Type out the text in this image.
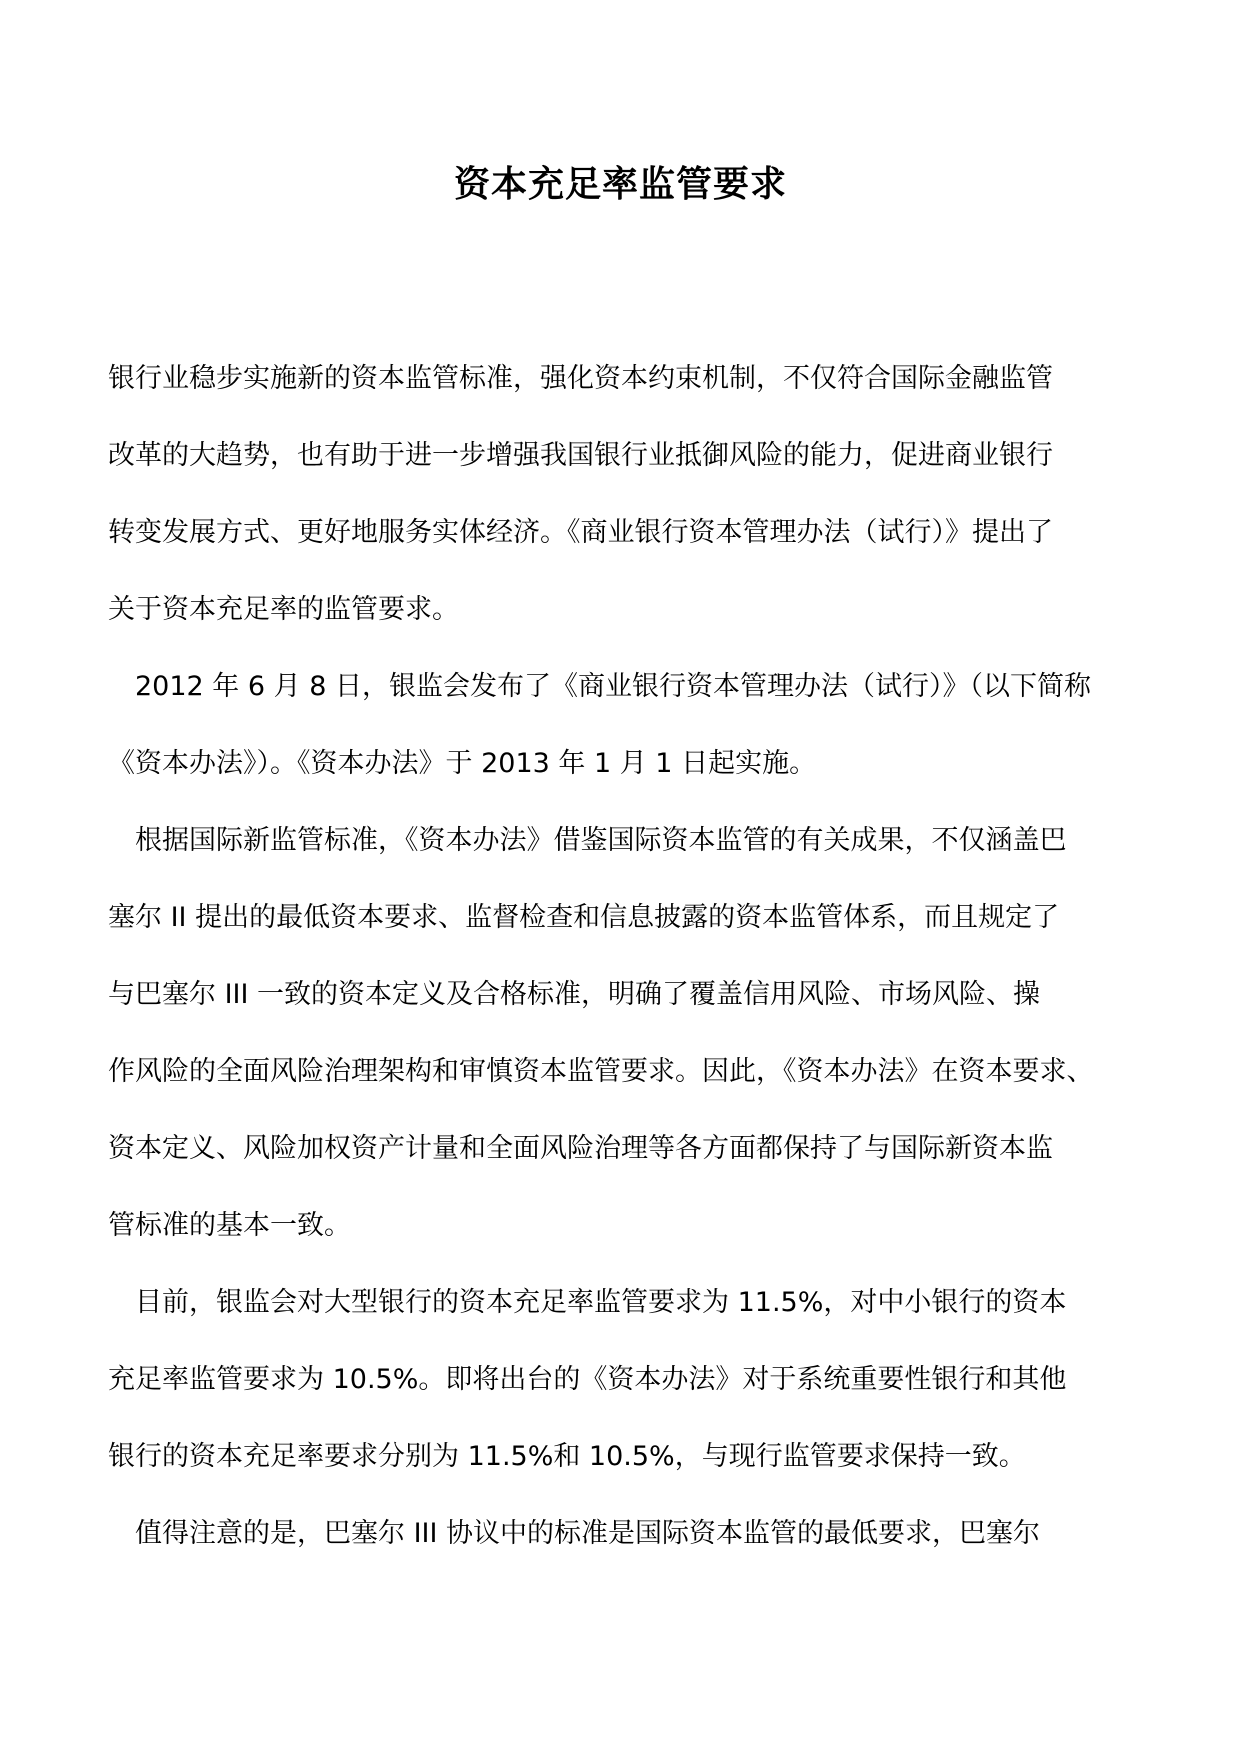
资本充足率监管要求
银行业稳步实施新的资本监管标准，强化资本约束机制，不仅符合国际金融监管
改革的大趋势，也有助于进一步增强我国银行业抵御风险的能力，促进商业银行
转变发展方式、更好地服务实体经济。《商业银行资本管理办法（试行）》提出了
关于资本充足率的监管要求。
2012 年 6 月 8 日，银监会发布了《商业银行资本管理办法（试行）》（以下简称
《资本办法》）。《资本办法》于 2013 年 1 月 1 日起实施。
根据国际新监管标准，《资本办法》借鉴国际资本监管的有关成果，不仅涵盖巴
塞尔 II 提出的最低资本要求、监督检查和信息披露的资本监管体系，而且规定了
与巴塞尔 III 一致的资本定义及合格标准，明确了覆盖信用风险、市场风险、操
作风险的全面风险治理架构和审慎资本监管要求。因此，《资本办法》在资本要求、
资本定义、风险加权资产计量和全面风险治理等各方面都保持了与国际新资本监
管标准的基本一致。
目前，银监会对大型银行的资本充足率监管要求为 11.5%，对中小银行的资本
充足率监管要求为 10.5%。即将出台的《资本办法》对于系统重要性银行和其他
银行的资本充足率要求分别为 11.5%和 10.5%，与现行监管要求保持一致。
值得注意的是，巴塞尔 III 协议中的标准是国际资本监管的最低要求，巴塞尔
